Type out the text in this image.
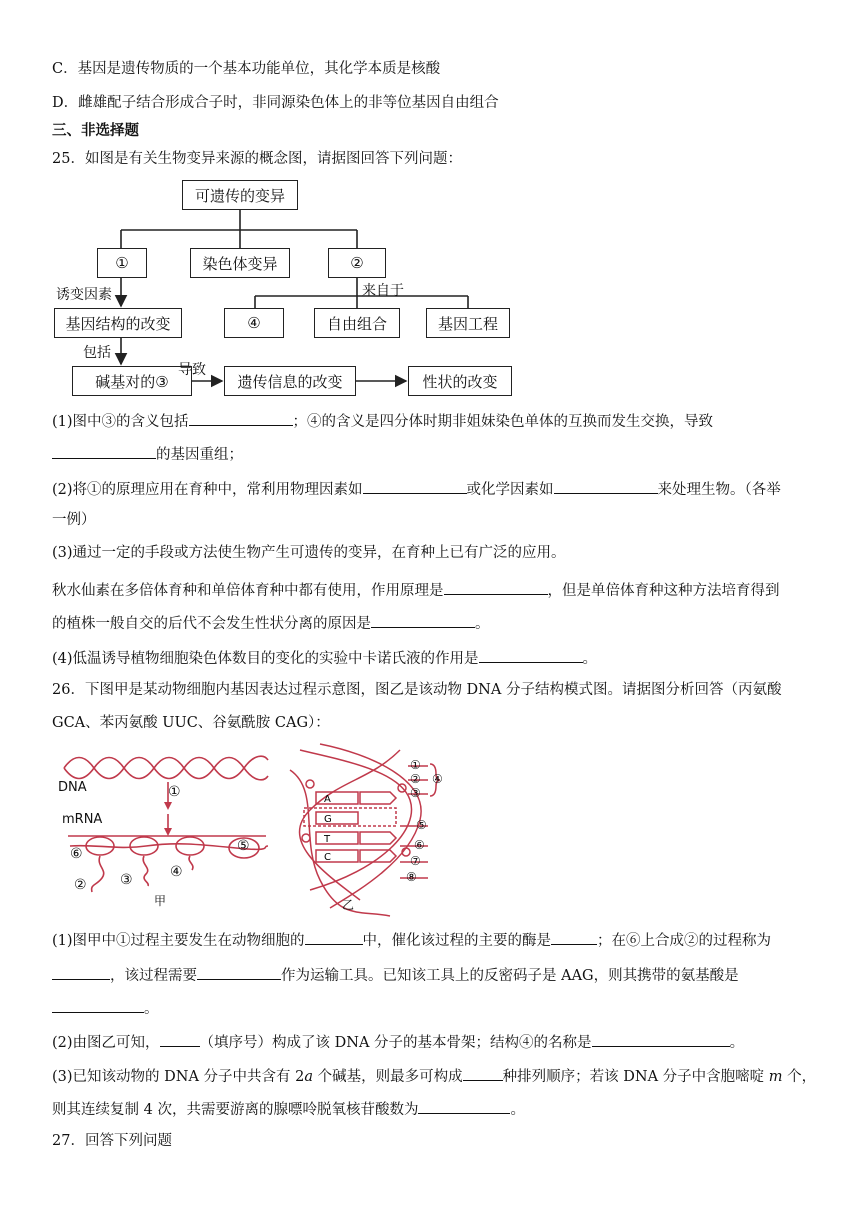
C．基因是遗传物质的一个基本功能单位，其化学本质是核酸
D．雌雄配子结合形成合子时，非同源染色体上的非等位基因自由组合
三、非选择题
25．如图是有关生物变异来源的概念图，请据图回答下列问题：
可遗传的变异
①	染色体变异	②
来自于
④	自由组合	基因工程
诱变因素
基因结构的改变
包括
碱基对的③
导致
遗传信息的改变	性状的改变
(1)图中③的含义包括	；④的含义是四分体时期非姐妹染色单体的互换而发生交换，导致
的基因重组；
(2)将①的原理应用在育种中，常利用物理因素如	或化学因素如	来处理生物。（各举
一例）
(3)通过一定的手段或方法使生物产生可遗传的变异，在育种上已有广泛的应用。
秋水仙素在多倍体育种和单倍体育种中都有使用，作用原理是	，但是单倍体育种这种方法培育得到
的植株一般自交的后代不会发生性状分离的原因是	。
(4)低温诱导植物细胞染色体数目的变化的实验中卡诺氏液的作用是	。
26．下图甲是某动物细胞内基因表达过程示意图，图乙是该动物 DNA 分子结构模式图。请据图分析回答（丙氨酸
GCA、苯丙氨酸 UUC、谷氨酰胺 CAG）：
DNA
mRNA
①
⑥	⑤
④
③
②
甲
A
G
T
C
①
②
③
④
⑤
⑥
⑦
⑧
乙
(1)图甲中①过程主要发生在动物细胞的	中，催化该过程的主要的酶是	；在⑥上合成②的过程称为
，该过程需要	作为运输工具。已知该工具上的反密码子是 AAG，则其携带的氨基酸是
。
(2)由图乙可知，	（填序号）构成了该 DNA 分子的基本骨架；结构④的名称是	。
(3)已知该动物的 DNA 分子中共含有 2a 个碱基，则最多可构成	种排列顺序；若该 DNA 分子中含胞嘧啶 m 个，
则其连续复制 4 次，共需要游离的腺嘌呤脱氧核苷酸数为	。
27．回答下列问题
